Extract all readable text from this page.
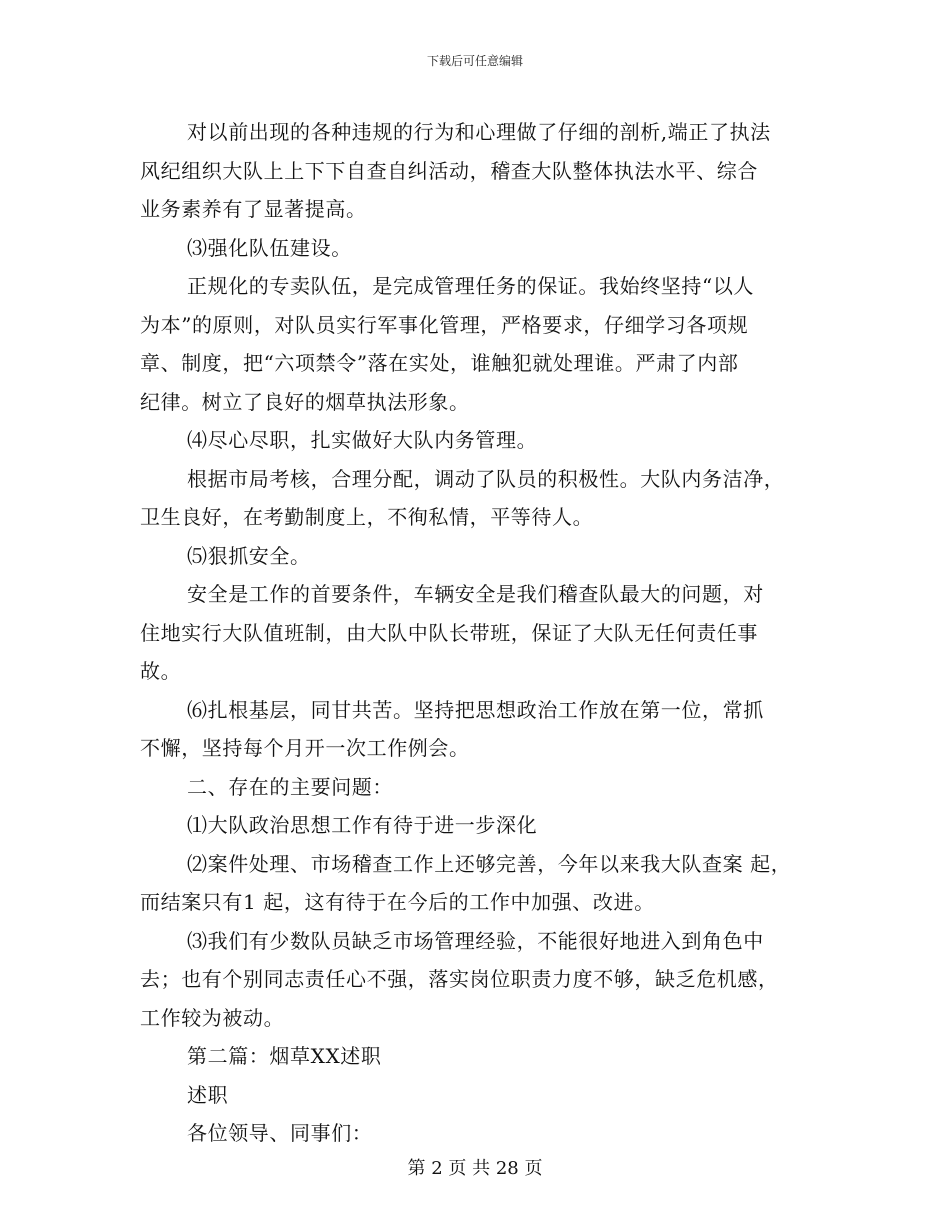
下载后可任意编辑
对以前出现的各种违规的行为和心理做了仔细的剖析,端正了执法
风纪组织大队上上下下自查自纠活动，稽查大队整体执法水平、综合
业务素养有了显著提高。
⑶强化队伍建设。
正规化的专卖队伍，是完成管理任务的保证。我始终坚持“以人
为本”的原则，对队员实行军事化管理，严格要求，仔细学习各项规
章、制度，把“六项禁令”落在实处，谁触犯就处理谁。严肃了内部
纪律。树立了良好的烟草执法形象。
⑷尽心尽职，扎实做好大队内务管理。
根据市局考核，合理分配，调动了队员的积极性。大队内务洁净，
卫生良好，在考勤制度上，不徇私情，平等待人。
⑸狠抓安全。
安全是工作的首要条件，车辆安全是我们稽查队最大的问题，对
住地实行大队值班制，由大队中队长带班，保证了大队无任何责任事
故。
⑹扎根基层，同甘共苦。坚持把思想政治工作放在第一位，常抓
不懈，坚持每个月开一次工作例会。
二、存在的主要问题：
⑴大队政治思想工作有待于进一步深化
⑵案件处理、市场稽查工作上还够完善，今年以来我大队查案 起，
而结案只有1 起，这有待于在今后的工作中加强、改进。
⑶我们有少数队员缺乏市场管理经验，不能很好地进入到角色中
去；也有个别同志责任心不强，落实岗位职责力度不够，缺乏危机感，
工作较为被动。
第二篇：烟草XX述职
述职
各位领导、同事们：
第 2 页 共 28 页
